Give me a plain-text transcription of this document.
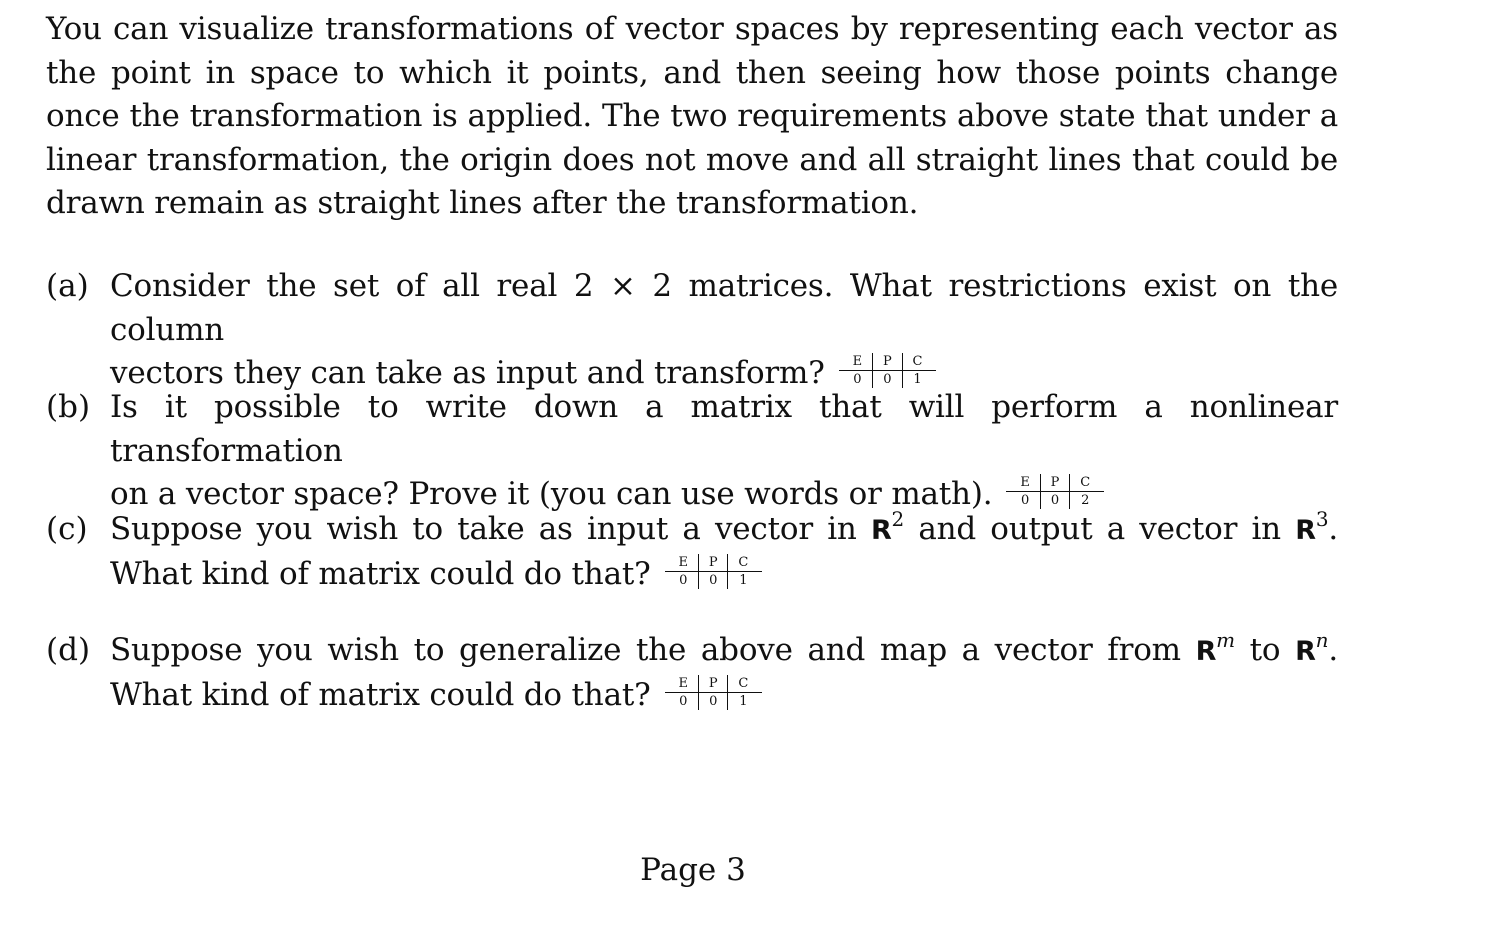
You can visualize transformations of vector spaces by representing each vector as the point in space to which it points, and then seeing how those points change once the transformation is applied. The two requirements above state that under a linear transformation, the origin does not move and all straight lines that could be drawn remain as straight lines after the transformation.

(a) Consider the set of all real 2 × 2 matrices. What restrictions exist on the column
vectors they can take as input and transform? E	P	C
0	0	1
(b) Is it possible to write down a matrix that will perform a nonlinear transformation
on a vector space? Prove it (you can use words or math). E	P	C
0	0	2
(c) Suppose you wish to take as input a vector in $R^2$ and output a vector in $R^3$.
What kind of matrix could do that? E	P	C
0	0	1
(d) Suppose you wish to generalize the above and map a vector from $R^m$ to $R^n$.
What kind of matrix could do that? E	P	C
0	0	1
Page 3
